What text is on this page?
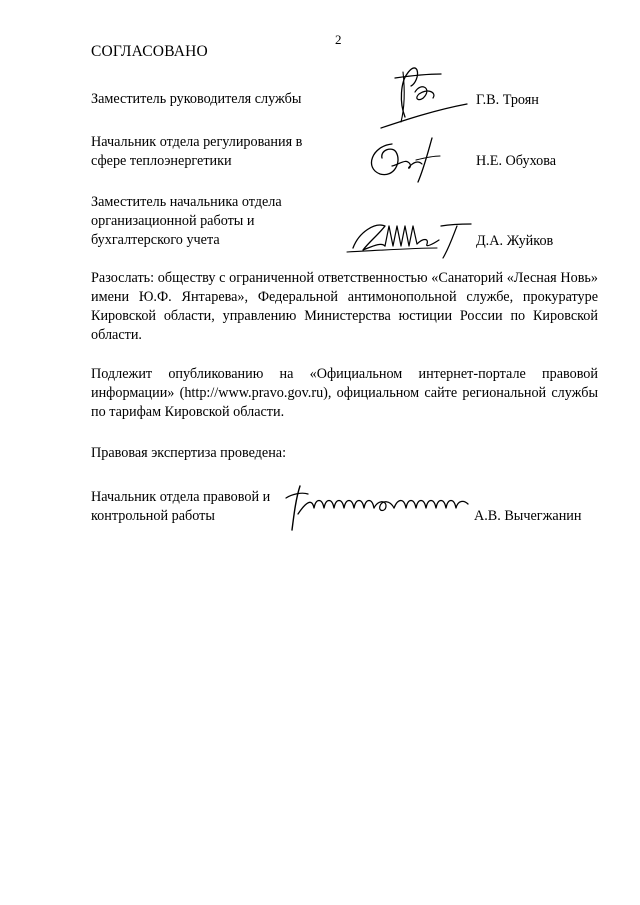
2
СОГЛАСОВАНО
Заместитель руководителя службы	Г.В. Троян
Начальник отдела регулирования в сфере теплоэнергетики	Н.Е. Обухова
Заместитель начальника отдела организационной работы и бухгалтерского учета	Д.А. Жуйков
Разослать: обществу с ограниченной ответственностью «Санаторий «Лесная Новь» имени Ю.Ф. Янтарева», Федеральной антимонопольной службе, прокуратуре Кировской области, управлению Министерства юстиции России по Кировской области.
Подлежит опубликованию на «Официальном интернет-портале правовой информации» (http://www.pravo.gov.ru), официальном сайте региональной службы по тарифам Кировской области.
Правовая экспертиза проведена:
Начальник отдела правовой и контрольной работы	А.В. Вычегжанин
